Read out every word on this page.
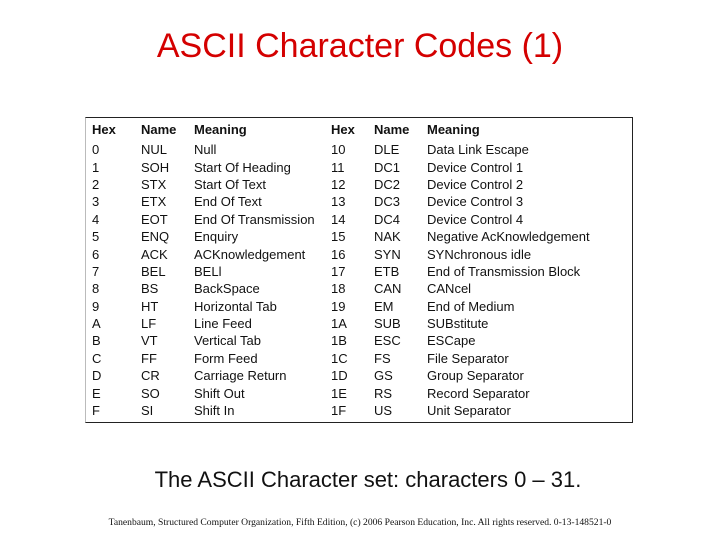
ASCII Character Codes (1)
Hex	Name	Meaning	Hex	Name	Meaning
0	NUL	Null	10	DLE	Data Link Escape
1	SOH	Start Of Heading	11	DC1	Device Control 1
2	STX	Start Of Text	12	DC2	Device Control 2
3	ETX	End Of Text	13	DC3	Device Control 3
4	EOT	End Of Transmission	14	DC4	Device Control 4
5	ENQ	Enquiry	15	NAK	Negative AcKnowledgement
6	ACK	ACKnowledgement	16	SYN	SYNchronous idle
7	BEL	BELl	17	ETB	End of Transmission Block
8	BS	BackSpace	18	CAN	CANcel
9	HT	Horizontal Tab	19	EM	End of Medium
A	LF	Line Feed	1A	SUB	SUBstitute
B	VT	Vertical Tab	1B	ESC	ESCape
C	FF	Form Feed	1C	FS	File Separator
D	CR	Carriage Return	1D	GS	Group Separator
E	SO	Shift Out	1E	RS	Record Separator
F	SI	Shift In	1F	US	Unit Separator
The ASCII Character set: characters 0 – 31.
Tanenbaum, Structured Computer Organization, Fifth Edition, (c) 2006 Pearson Education, Inc. All rights reserved. 0-13-148521-0
